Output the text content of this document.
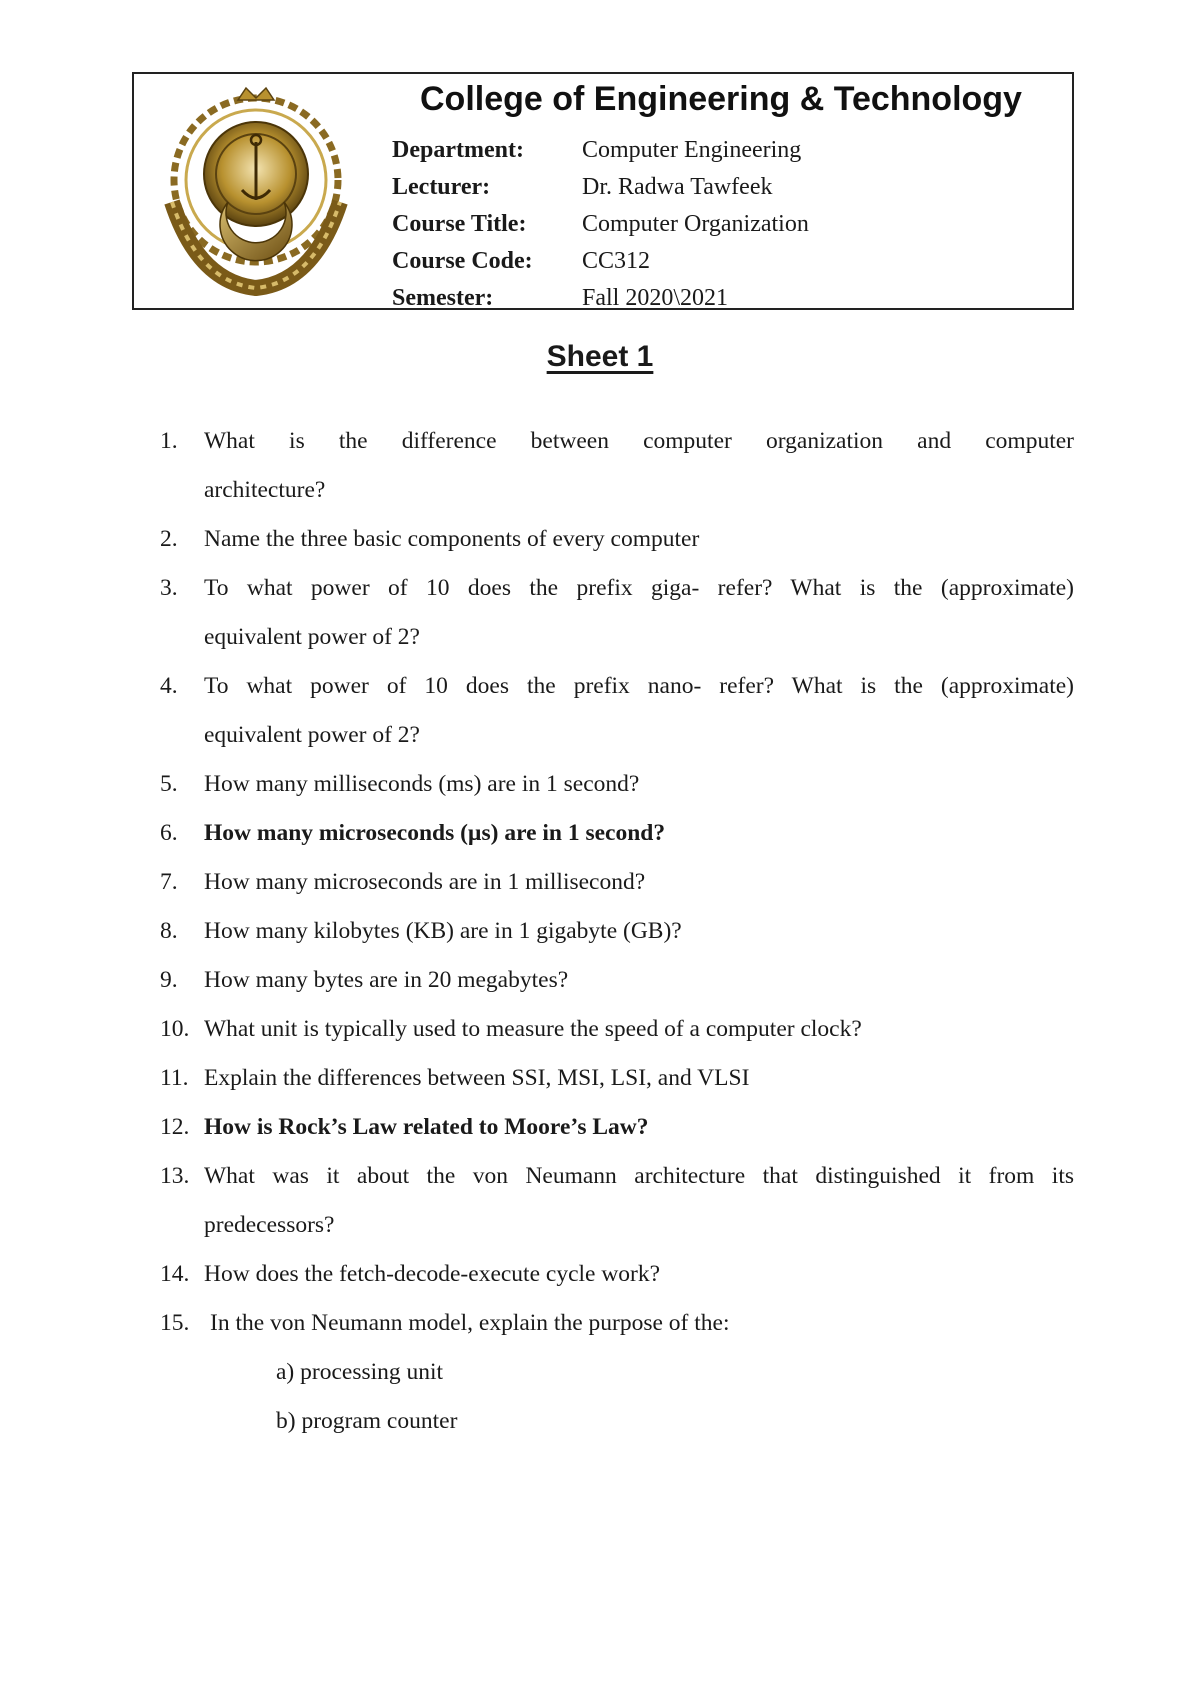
College of Engineering & Technology
Department:	Computer Engineering
Lecturer:	Dr. Radwa Tawfeek
Course Title:	Computer Organization
Course Code:	CC312
Semester:	Fall 2020\2021
Sheet 1
1. What is the difference between computer organization and computer
architecture?
2. Name the three basic components of every computer
3. To what power of 10 does the prefix giga- refer? What is the (approximate)
equivalent power of 2?
4. To what power of 10 does the prefix nano- refer? What is the (approximate)
equivalent power of 2?
5. How many milliseconds (ms) are in 1 second?
6. How many microseconds (µs) are in 1 second?
7. How many microseconds are in 1 millisecond?
8. How many kilobytes (KB) are in 1 gigabyte (GB)?
9. How many bytes are in 20 megabytes?
10. What unit is typically used to measure the speed of a computer clock?
11. Explain the differences between SSI, MSI, LSI, and VLSI
12. How is Rock’s Law related to Moore’s Law?
13. What was it about the von Neumann architecture that distinguished it from its
predecessors?
14. How does the fetch-decode-execute cycle work?
15. In the von Neumann model, explain the purpose of the:
a) processing unit
b) program counter
